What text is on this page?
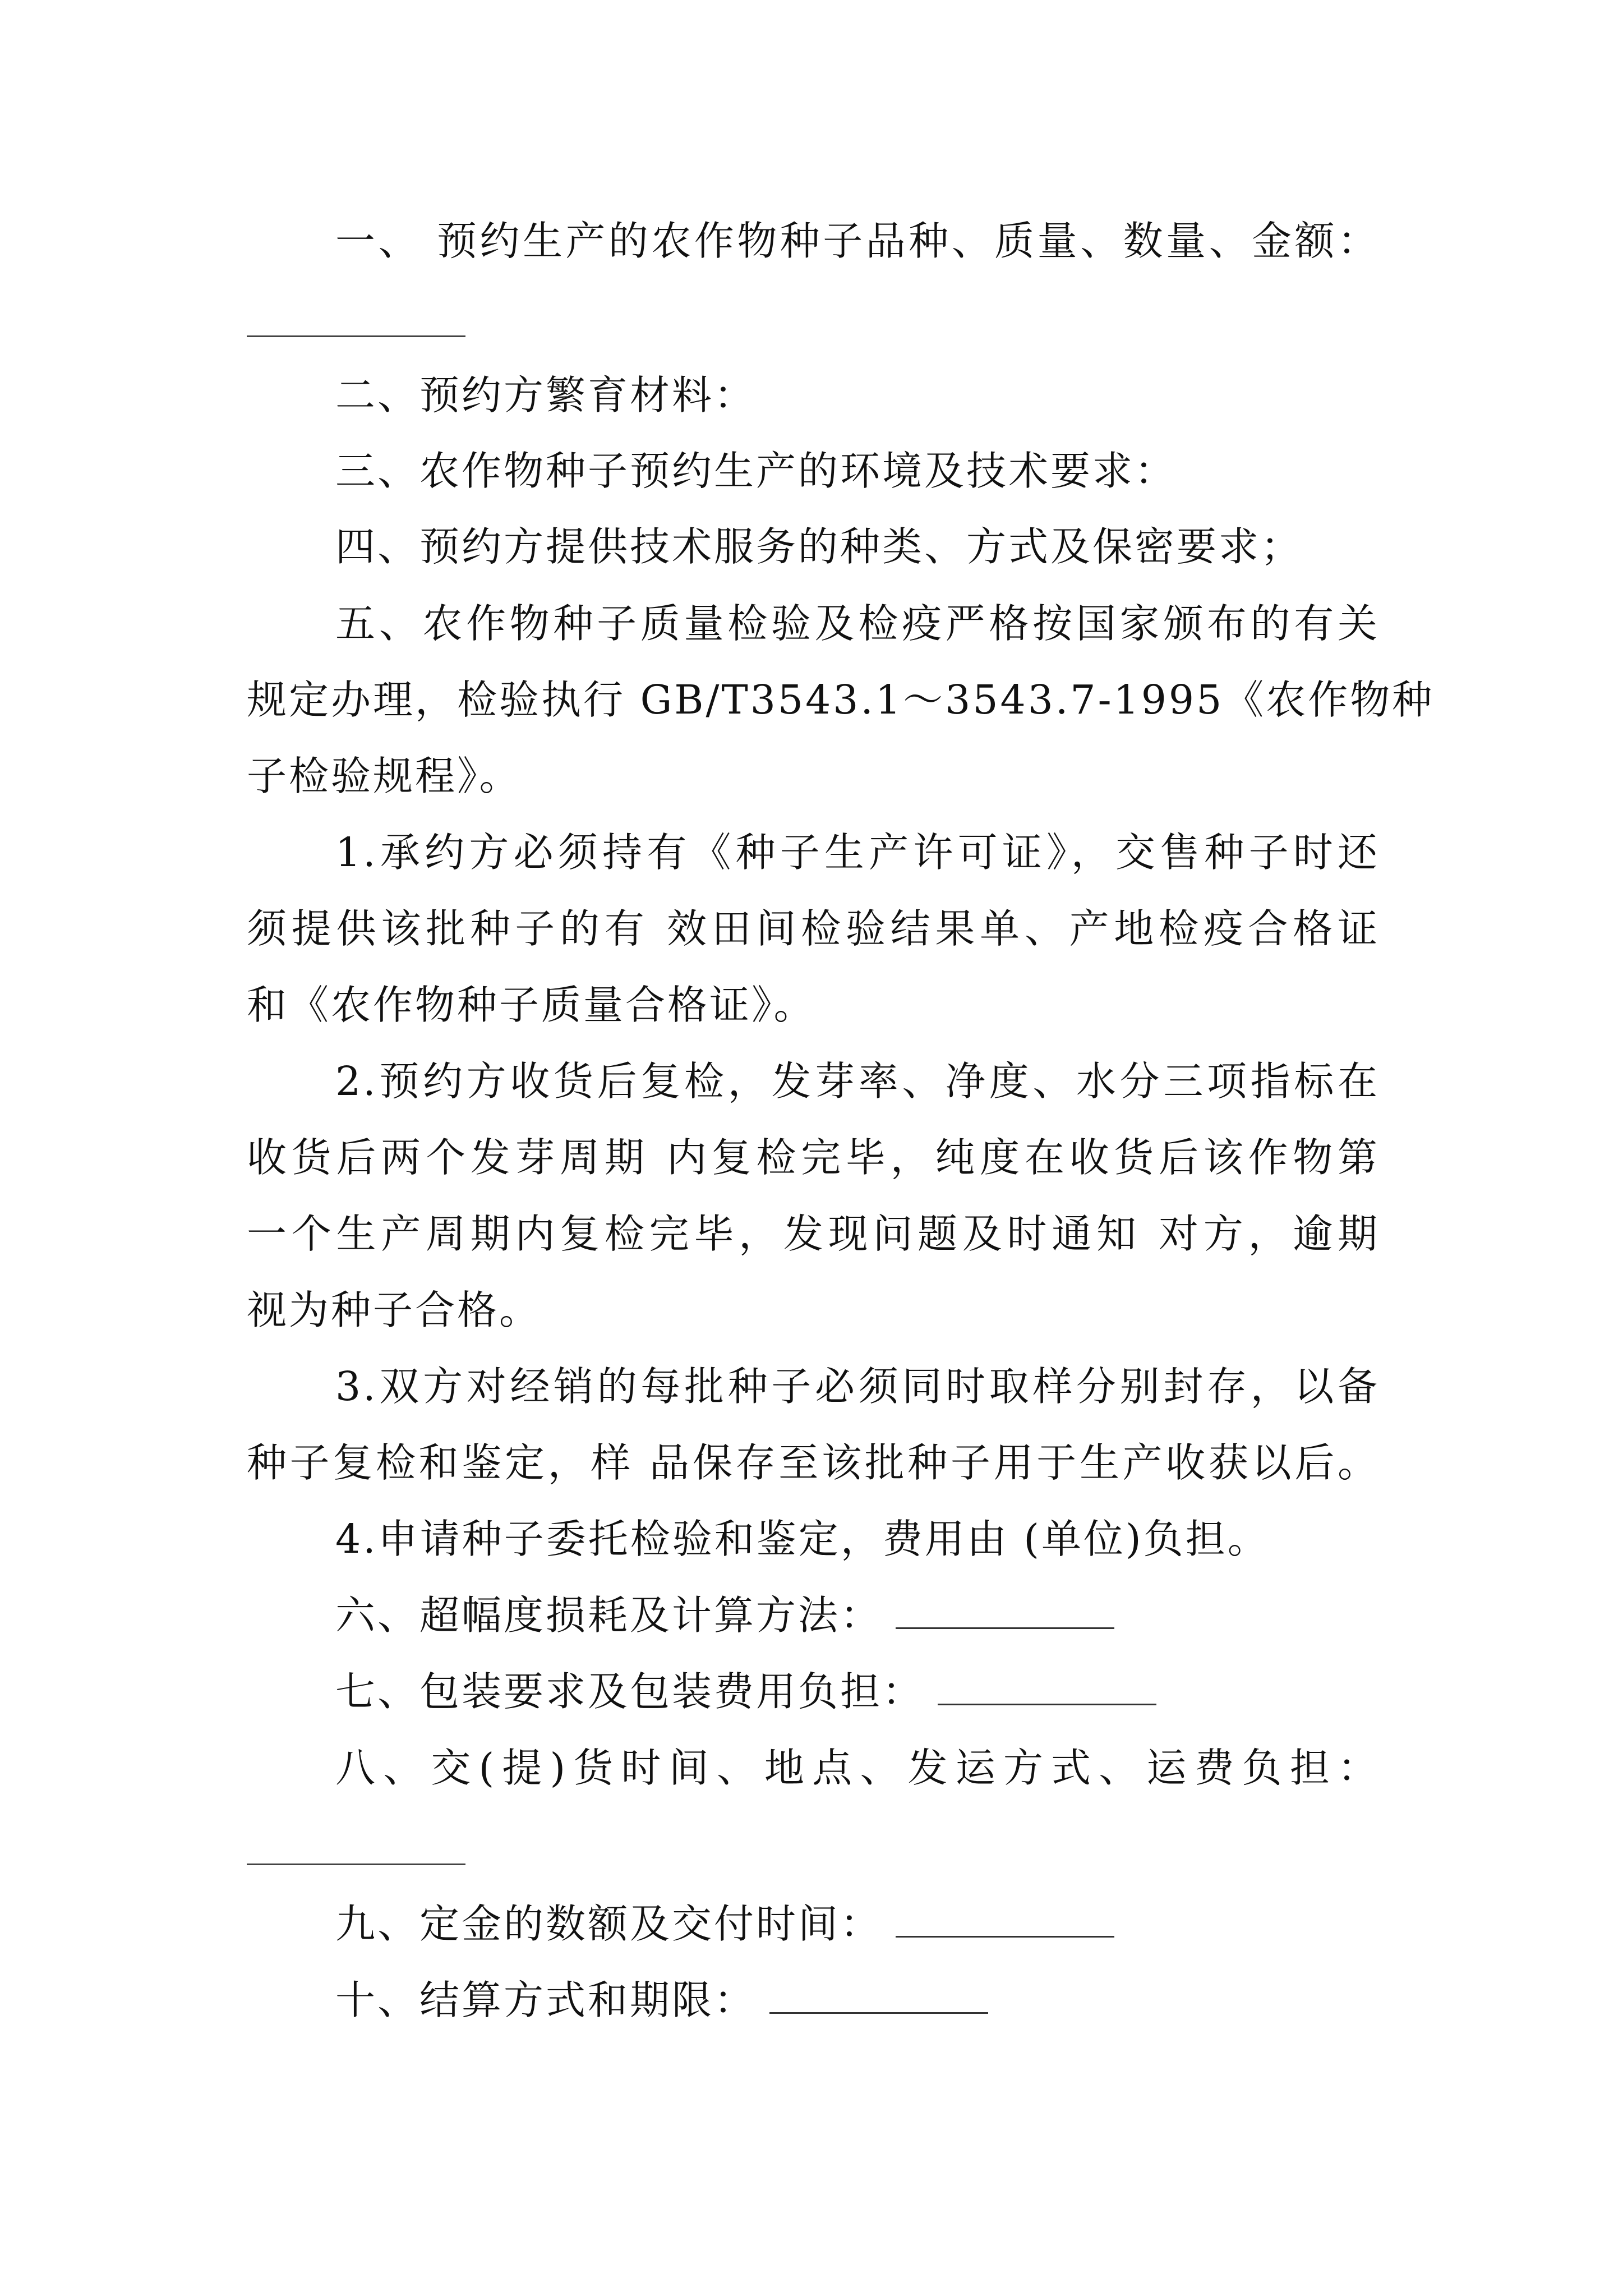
一、 预约生产的农作物种子品种、质量、数量、金额：
二、预约方繁育材料：
三、农作物种子预约生产的环境及技术要求：
四、预约方提供技术服务的种类、方式及保密要求；
五、农作物种子质量检验及检疫严格按国家颁布的有关
规定办理，检验执行 GB/T3543.1～3543.7-1995《农作物种
子检验规程》。
1.承约方必须持有《种子生产许可证》，交售种子时还
须提供该批种子的有 效田间检验结果单、产地检疫合格证
和《农作物种子质量合格证》。
2.预约方收货后复检，发芽率、净度、水分三项指标在
收货后两个发芽周期 内复检完毕，纯度在收货后该作物第
一个生产周期内复检完毕，发现问题及时通知 对方，逾期
视为种子合格。
3.双方对经销的每批种子必须同时取样分别封存，以备
种子复检和鉴定，样 品保存至该批种子用于生产收获以后。
4.申请种子委托检验和鉴定，费用由 (单位)负担。
六、超幅度损耗及计算方法：
七、包装要求及包装费用负担：
八、交(提)货时间、地点、发运方式、运费负担：
九、定金的数额及交付时间：
十、结算方式和期限：
